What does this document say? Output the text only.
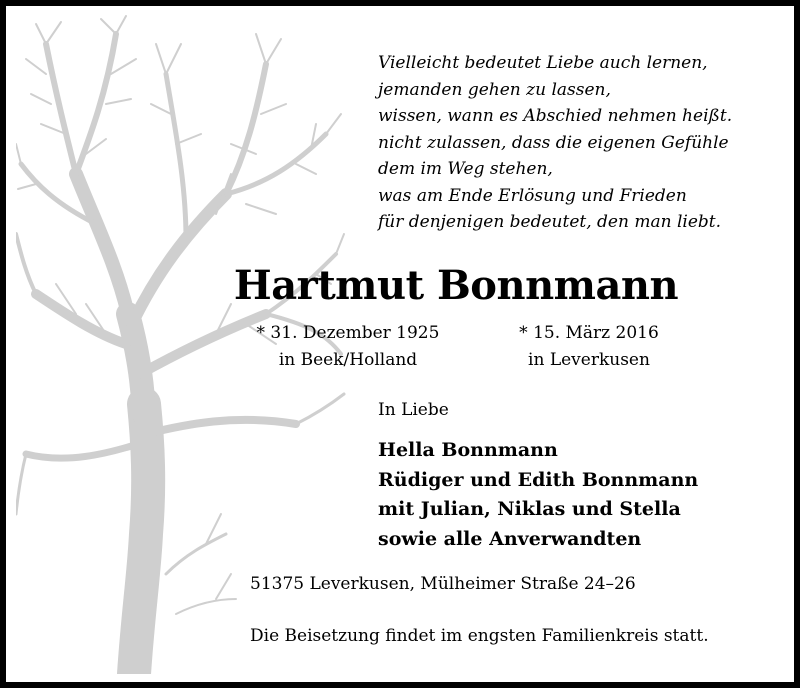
Vielleicht bedeutet Liebe auch lernen,
jemanden gehen zu lassen,
wissen, wann es Abschied nehmen heißt.
nicht zulassen, dass die eigenen Gefühle
dem im Weg stehen,
was am Ende Erlösung und Frieden
für denjenigen bedeutet, den man liebt.
Hartmut Bonnmann
* 31. Dezember 1925
in Beek/Holland
* 15. März 2016
in Leverkusen
In Liebe
Hella Bonnmann
Rüdiger und Edith Bonnmann
mit Julian, Niklas und Stella
sowie alle Anverwandten
51375 Leverkusen, Mülheimer Straße 24–26
Die Beisetzung findet im engsten Familienkreis statt.
